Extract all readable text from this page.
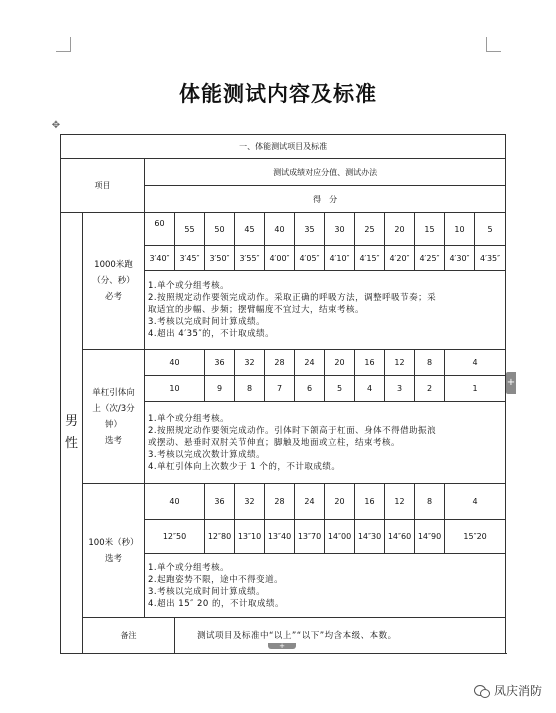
体能测试内容及标准
✥
一、体能测试项目及标准													
项目		测试成绩对应分值、测试办法											
		得　分											
男
性	1000米跑
（分、秒）
必考	60	55	50	45	40	35	30	25	20	15	10	5
		3′40″	3′45″	3′50″	3′55″	4′00″	4′05″	4′10″	4′15″	4′20″	4′25″	4′30″	4′35″

		1.单个或分组考核。
2.按照规定动作要领完成动作。采取正确的呼吸方法，调整呼吸节奏；采
取适宜的步幅、步频；摆臂幅度不宜过大，结束考核。
3.考核以完成时间计算成绩。
4.超出 4′35″的，不计取成绩。											

	单杠引体向
上（次/3分
钟）
选考	40		36	32	28	24	20	16	12	8	4	
		10		9	8	7	6	5	4	3	2	1	

		1.单个或分组考核。
2.按照规定动作要领完成动作。引体时下颌高于杠面、身体不得借助振浪
或摆动、悬垂时双肘关节伸直；脚触及地面或立柱，结束考核。
3.考核以完成次数计算成绩。
4.单杠引体向上次数少于 1 个的，不计取成绩。											

	100米（秒）
选考	40		36	32	28	24	20	16	12	8	4	
		12″50		12″80	13″10	13″40	13″70	14″00	14″30	14″60	14″90	15″20	

		1.单个或分组考核。
2.起跑姿势不限，途中不得变道。
3.考核以完成时间计算成绩。
4.超出 15″ 20 的，不计取成绩。											

	备注		测试项目及标准中“以上”“以下”均含本级、本数。										
+
+
凤庆消防
